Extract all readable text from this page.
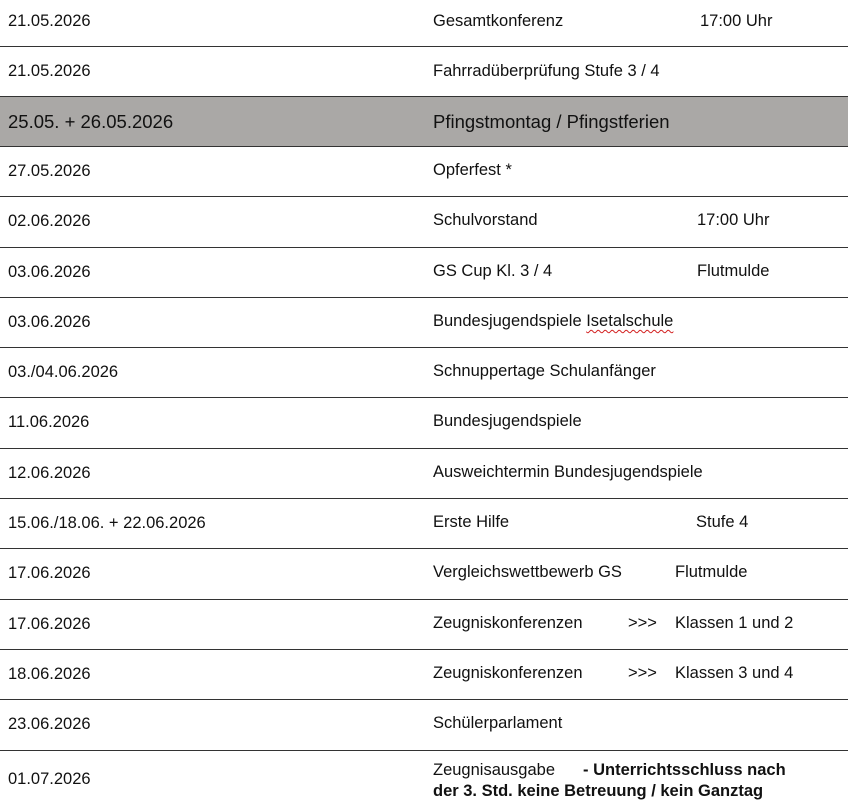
21.05.2026	Gesamtkonferenz	17:00 Uhr
21.05.2026	Fahrradüberprüfung Stufe 3 / 4
25.05. + 26.05.2026	Pfingstmontag / Pfingstferien
27.05.2026	Opferfest *
02.06.2026	Schulvorstand	17:00 Uhr
03.06.2026	GS Cup Kl. 3 / 4	Flutmulde
03.06.2026	Bundesjugendspiele Isetalschule
03./04.06.2026	Schnuppertage Schulanfänger
11.06.2026	Bundesjugendspiele
12.06.2026	Ausweichtermin Bundesjugendspiele
15.06./18.06. + 22.06.2026	Erste Hilfe	Stufe 4
17.06.2026	Vergleichswettbewerb GS	Flutmulde
17.06.2026	Zeugniskonferenzen	>>> Klassen 1 und 2
18.06.2026	Zeugniskonferenzen	>>> Klassen 3 und 4
23.06.2026	Schülerparlament
01.07.2026	Zeugnisausgabe - Unterrichtsschluss nach
der 3. Std. keine Betreuung / kein Ganztag
